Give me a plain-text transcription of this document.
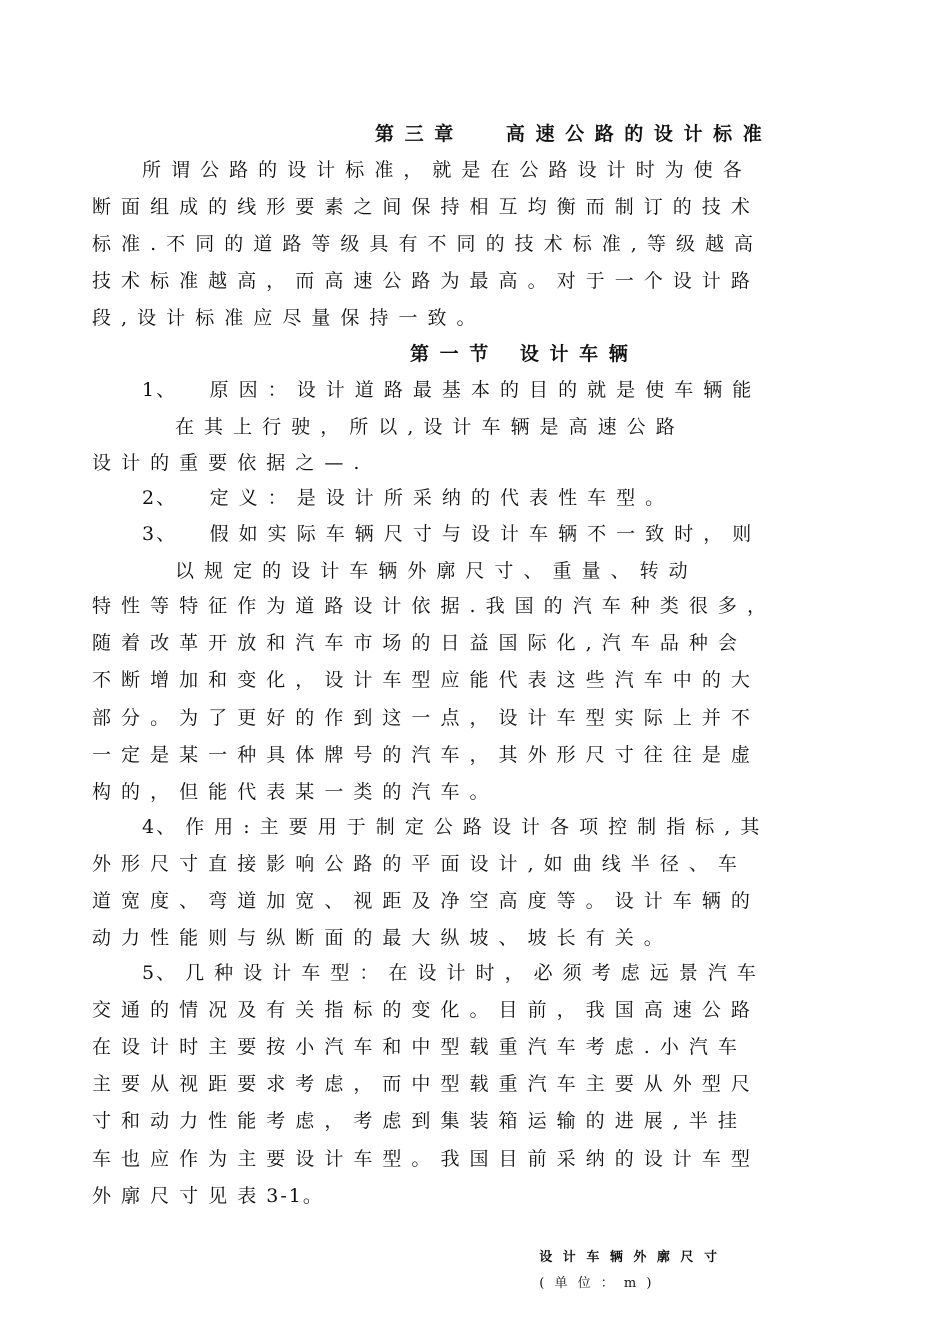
第 三 章　　 高 速 公 路 的 设 计 标 准
所 谓 公 路 的 设 计 标 准 ， 就 是 在 公 路 设 计 时 为 使 各
断 面 组 成 的 线 形 要 素 之 间 保 持 相 互 均 衡 而 制 订 的 技 术
标 准 . 不 同 的 道 路 等 级 具 有 不 同 的 技 术 标 准 , 等 级 越 高
技 术 标 准 越 高 ， 而 高 速 公 路 为 最 高 。 对 于 一 个 设 计 路
段 , 设 计 标 准 应 尽 量 保 持 一 致 。
第 一 节　 设 计 车 辆
1、　　原 因 ： 设 计 道 路 最 基 本 的 目 的 就 是 使 车 辆 能
在 其 上 行 驶 ， 所 以 , 设 计 车 辆 是 高 速 公 路
设 计 的 重 要 依 据 之 — .
2、　　定 义 ： 是 设 计 所 采 纳 的 代 表 性 车 型 。
3、　　假 如 实 际 车 辆 尺 寸 与 设 计 车 辆 不 一 致 时 ， 则
以 规 定 的 设 计 车 辆 外 廓 尺 寸 、 重 量 、 转 动
特 性 等 特 征 作 为 道 路 设 计 依 据 . 我 国 的 汽 车 种 类 很 多 ，
随 着 改 革 开 放 和 汽 车 市 场 的 日 益 国 际 化 , 汽 车 品 种 会
不 断 增 加 和 变 化 ， 设 计 车 型 应 能 代 表 这 些 汽 车 中 的 大
部 分 。 为 了 更 好 的 作 到 这 一 点 ， 设 计 车 型 实 际 上 并 不
一 定 是 某 一 种 具 体 牌 号 的 汽 车 ， 其 外 形 尺 寸 往 往 是 虚
构 的 ， 但 能 代 表 某 一 类 的 汽 车 。
4、 作 用 : 主 要 用 于 制 定 公 路 设 计 各 项 控 制 指 标 , 其
外 形 尺 寸 直 接 影 响 公 路 的 平 面 设 计 , 如 曲 线 半 径 、 车
道 宽 度 、 弯 道 加 宽 、 视 距 及 净 空 高 度 等 。 设 计 车 辆 的
动 力 性 能 则 与 纵 断 面 的 最 大 纵 坡 、 坡 长 有 关 。
5、 几 种 设 计 车 型 ： 在 设 计 时 ， 必 须 考 虑 远 景 汽 车
交 通 的 情 况 及 有 关 指 标 的 变 化 。 目 前 ， 我 国 高 速 公 路
在 设 计 时 主 要 按 小 汽 车 和 中 型 载 重 汽 车 考 虑 . 小 汽 车
主 要 从 视 距 要 求 考 虑 ， 而 中 型 载 重 汽 车 主 要 从 外 型 尺
寸 和 动 力 性 能 考 虑 ， 考 虑 到 集 装 箱 运 输 的 进 展 , 半 挂
车 也 应 作 为 主 要 设 计 车 型 。 我 国 目 前 采 纳 的 设 计 车 型
外 廓 尺 寸 见 表 3-1。

设 计 车 辆 外 廓 尺 寸
( 单 位 ： m )
